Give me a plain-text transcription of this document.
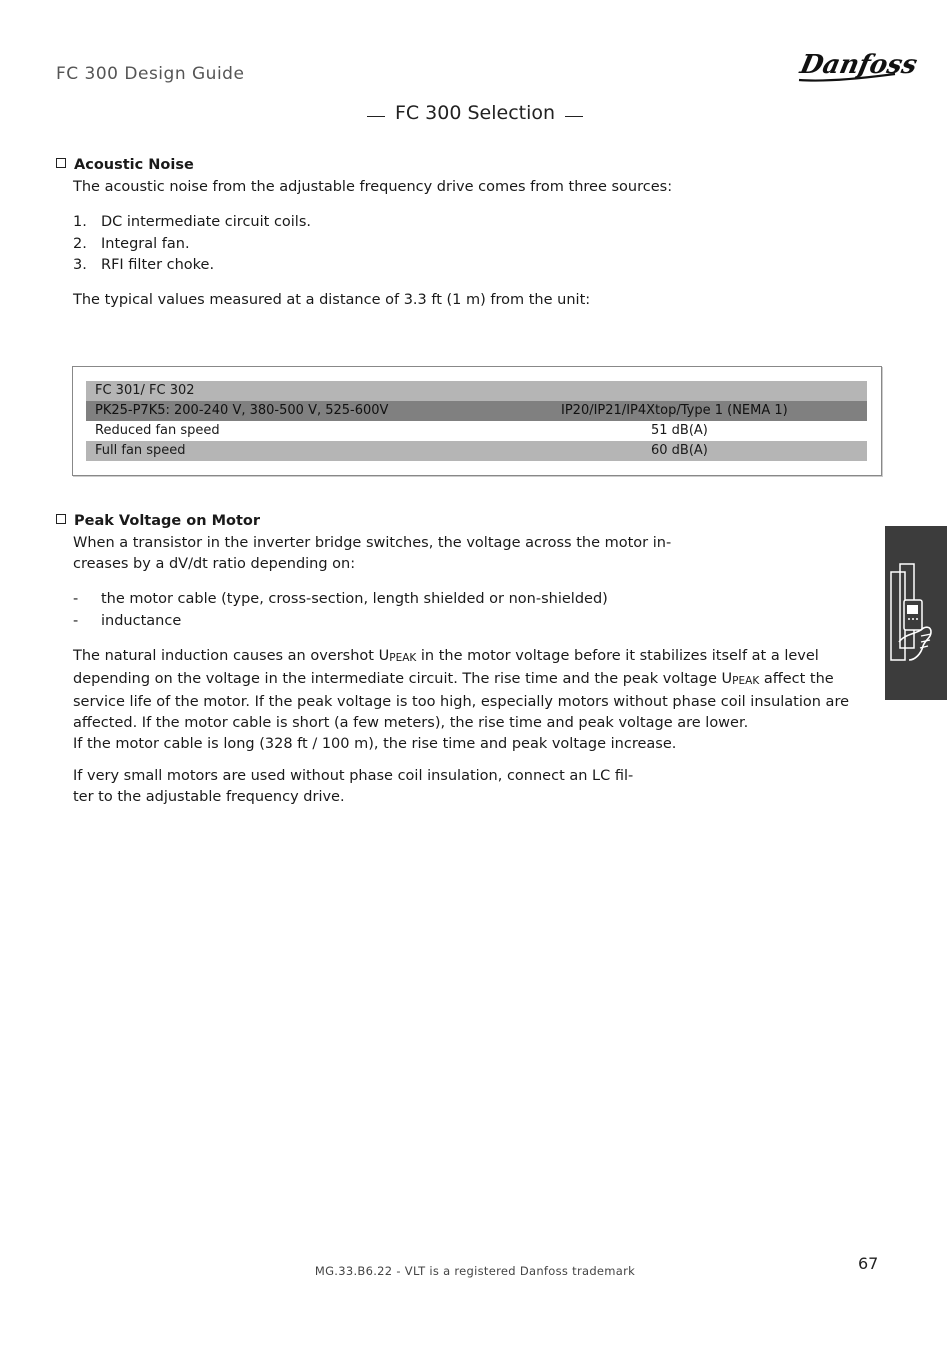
FC 300 Design Guide	Danfoss
FC 300 Selection
Acoustic Noise
The acoustic noise from the adjustable frequency drive comes from three sources:
1. DC intermediate circuit coils.
2. Integral fan.
3. RFI filter choke.
The typical values measured at a distance of 3.3 ft (1 m) from the unit:
FC 301/ FC 302
PK25-P7K5: 200-240 V, 380-500 V, 525-600V	IP20/IP21/IP4Xtop/Type 1 (NEMA 1)
Reduced fan speed	51 dB(A)
Full fan speed	60 dB(A)
Peak Voltage on Motor
When a transistor in the inverter bridge switches, the voltage across the motor in-
creases by a dV/dt ratio depending on:
- the motor cable (type, cross-section, length shielded or non-shielded)
- inductance
The natural induction causes an overshot $U_{PEAK}$ in the motor voltage before it stabilizes itself at a level
depending on the voltage in the intermediate circuit. The rise time and the peak voltage $U_{PEAK}$ affect the
service life of the motor. If the peak voltage is too high, especially motors without phase coil insulation are
affected. If the motor cable is short (a few meters), the rise time and peak voltage are lower.
If the motor cable is long (328 ft / 100 m), the rise time and peak voltage increase.
If very small motors are used without phase coil insulation, connect an LC fil-
ter to the adjustable frequency drive.
MG.33.B6.22 - VLT is a registered Danfoss trademark	67
